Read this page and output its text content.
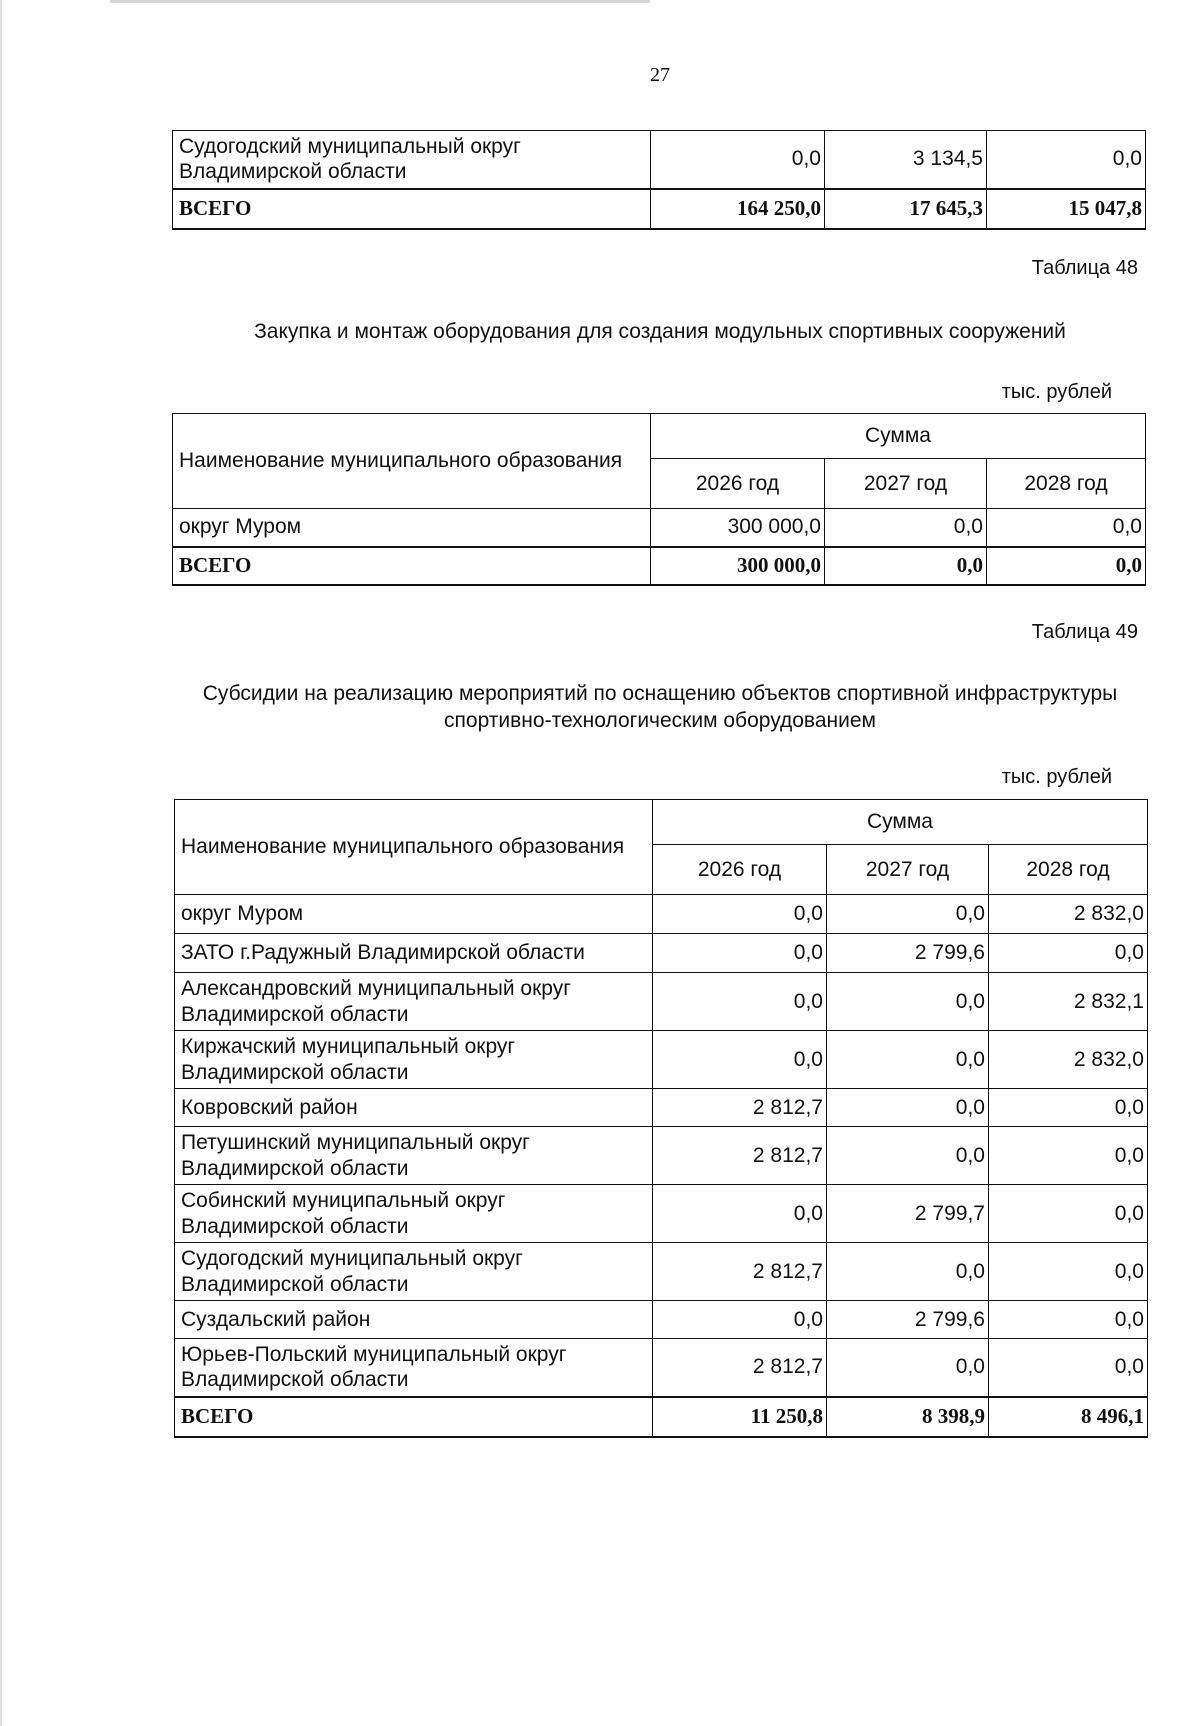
27
Судогодский муниципальный округ Владимирской области	0,0	3 134,5	0,0
ВСЕГО	164 250,0	17 645,3	15 047,8
Таблица 48
Закупка и монтаж оборудования для создания модульных спортивных сооружений
тыс. рублей
Наименование муниципального образования	Сумма		
	2026 год	2027 год	2028 год
округ Муром	300 000,0	0,0	0,0
ВСЕГО	300 000,0	0,0	0,0
Таблица 49
Субсидии на реализацию мероприятий по оснащению объектов спортивной инфраструктуры
спортивно-технологическим оборудованием
тыс. рублей
Наименование муниципального образования	Сумма		
	2026 год	2027 год	2028 год
округ Муром	0,0	0,0	2 832,0
ЗАТО г.Радужный Владимирской области	0,0	2 799,6	0,0
Александровский муниципальный округ Владимирской области	0,0	0,0	2 832,1
Киржачский муниципальный округ Владимирской области	0,0	0,0	2 832,0
Ковровский район	2 812,7	0,0	0,0
Петушинский муниципальный округ Владимирской области	2 812,7	0,0	0,0
Собинский муниципальный округ Владимирской области	0,0	2 799,7	0,0
Судогодский муниципальный округ Владимирской области	2 812,7	0,0	0,0
Суздальский район	0,0	2 799,6	0,0
Юрьев-Польский муниципальный округ Владимирской области	2 812,7	0,0	0,0
ВСЕГО	11 250,8	8 398,9	8 496,1
